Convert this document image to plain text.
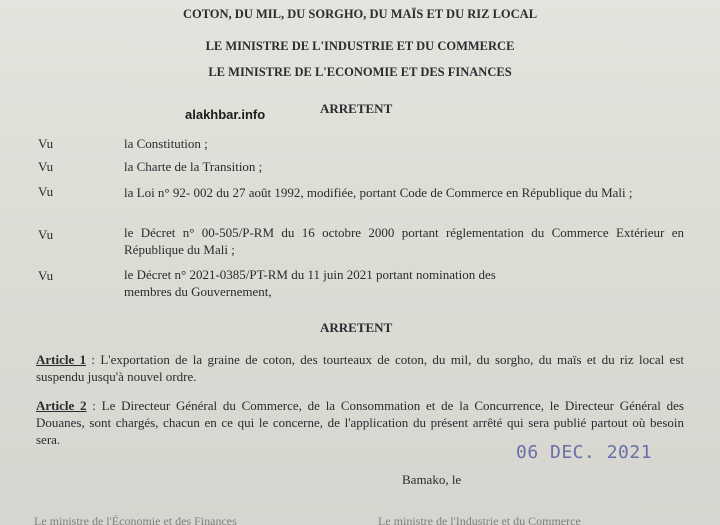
COTON, DU MIL, DU SORGHO, DU MAÏS ET DU RIZ LOCAL
LE MINISTRE DE L'INDUSTRIE ET DU COMMERCE
LE MINISTRE DE L'ECONOMIE ET DES FINANCES
alakhbar.info	ARRETENT
Vu	la Constitution ;
Vu	la Charte de la Transition ;
Vu	la Loi n° 92- 002 du 27 août 1992, modifiée, portant Code de Commerce en République du Mali ;
Vu	le Décret n° 00-505/P-RM du 16 octobre 2000 portant réglementation du Commerce Extérieur en République du Mali ;
Vu	le Décret n° 2021-0385/PT-RM du 11 juin 2021 portant nomination des membres du Gouvernement,
ARRETENT
Article 1 : L'exportation de la graine de coton, des tourteaux de coton, du mil, du sorgho, du maïs et du riz local est suspendu jusqu'à nouvel ordre.
Article 2 : Le Directeur Général du Commerce, de la Consommation et de la Concurrence, le Directeur Général des Douanes, sont chargés, chacun en ce qui le concerne, de l'application du présent arrêté qui sera publié partout où besoin sera.
06 DEC. 2021
Bamako, le
Le ministre de l'Économie et des Finances	Le ministre de l'Industrie et du Commerce
